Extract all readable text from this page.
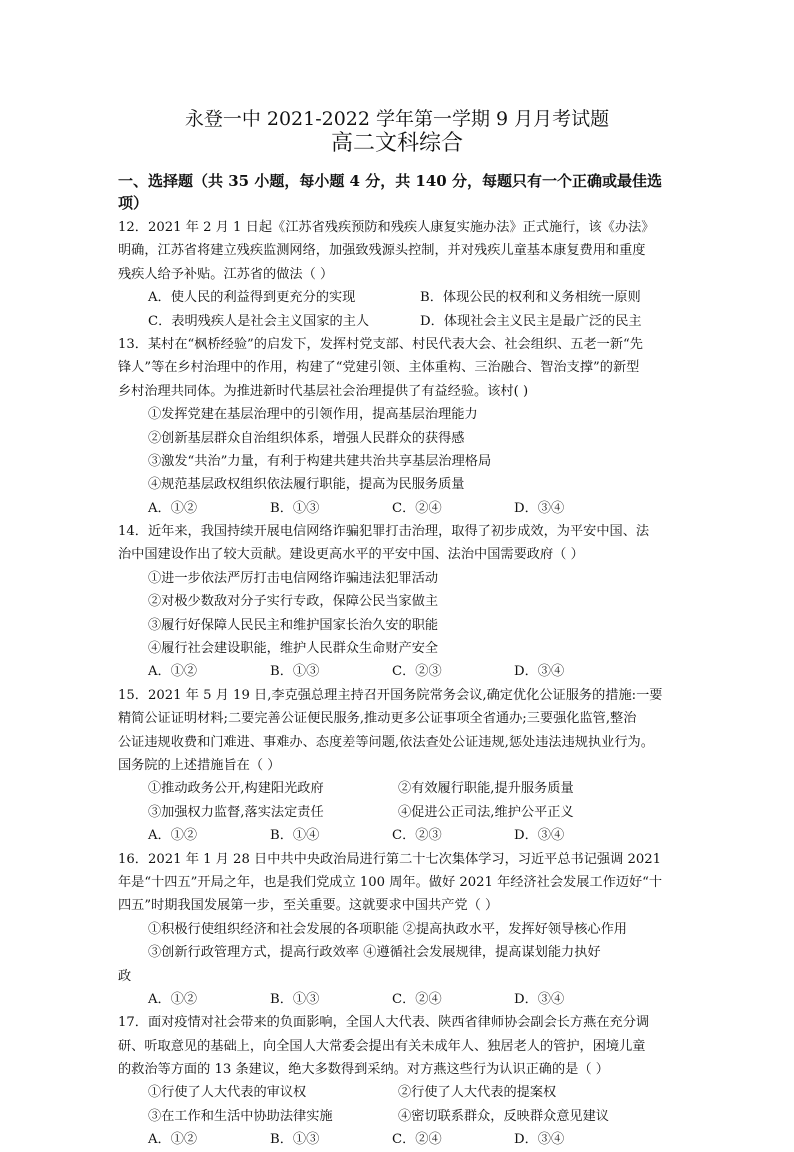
永登一中 2021-2022 学年第一学期 9 月月考试题
高二文科综合
一、选择题（共 35 小题，每小题 4 分，共 140 分，每题只有一个正确或最佳选
项）
12．2021 年 2 月 1 日起《江苏省残疾预防和残疾人康复实施办法》正式施行，该《办法》
明确，江苏省将建立残疾监测网络，加强致残源头控制，并对残疾儿童基本康复费用和重度
残疾人给予补贴。江苏省的做法（ ）
A．使人民的利益得到更充分的实现	B．体现公民的权利和义务相统一原则
C．表明残疾人是社会主义国家的主人	D．体现社会主义民主是最广泛的民主
13．某村在“枫桥经验”的启发下，发挥村党支部、村民代表大会、社会组织、五老一新“先
锋人”等在乡村治理中的作用，构建了“党建引领、主体重构、三治融合、智治支撑”的新型
乡村治理共同体。为推进新时代基层社会治理提供了有益经验。该村( )
①发挥党建在基层治理中的引领作用，提高基层治理能力
②创新基层群众自治组织体系，增强人民群众的获得感
③激发“共治”力量，有利于构建共建共治共享基层治理格局
④规范基层政权组织依法履行职能，提高为民服务质量
A．①②	B．①③	C．②④	D．③④
14．近年来，我国持续开展电信网络诈骗犯罪打击治理，取得了初步成效，为平安中国、法
治中国建设作出了较大贡献。建设更高水平的平安中国、法治中国需要政府（ ）
①进一步依法严厉打击电信网络诈骗违法犯罪活动
②对极少数敌对分子实行专政，保障公民当家做主
③履行好保障人民民主和维护国家长治久安的职能
④履行社会建设职能，维护人民群众生命财产安全
A．①②	B．①③	C．②③	D．③④
15．2021 年 5 月 19 日,李克强总理主持召开国务院常务会议,确定优化公证服务的措施:一要
精简公证证明材料;二要完善公证便民服务,推动更多公证事项全省通办;三要强化监管,整治
公证违规收费和门难进、事难办、态度差等问题,依法查处公证违规,惩处违法违规执业行为。
国务院的上述措施旨在（ ）
①推动政务公开,构建阳光政府	②有效履行职能,提升服务质量
③加强权力监督,落实法定责任	④促进公正司法,维护公平正义
A．①②	B．①④	C．②③	D．③④
16．2021 年 1 月 28 日中共中央政治局进行第二十七次集体学习，习近平总书记强调 2021
年是“十四五”开局之年，也是我们党成立 100 周年。做好 2021 年经济社会发展工作迈好“十
四五”时期我国发展第一步，至关重要。这就要求中国共产党（ ）
①积极行使组织经济和社会发展的各项职能 ②提高执政水平，发挥好领导核心作用
③创新行政管理方式，提高行政效率 ④遵循社会发展规律，提高谋划能力执好
政
A．①②	B．①③	C．②④	D．③④
17．面对疫情对社会带来的负面影响，全国人大代表、陕西省律师协会副会长方燕在充分调
研、听取意见的基础上，向全国人大常委会提出有关未成年人、独居老人的管护，困境儿童
的救治等方面的 13 条建议，绝大多数得到采纳。对方燕这些行为认识正确的是（ ）
①行使了人大代表的审议权	②行使了人大代表的提案权
③在工作和生活中协助法律实施	④密切联系群众，反映群众意见建议
A．①②	B．①③	C．②④	D．③④
